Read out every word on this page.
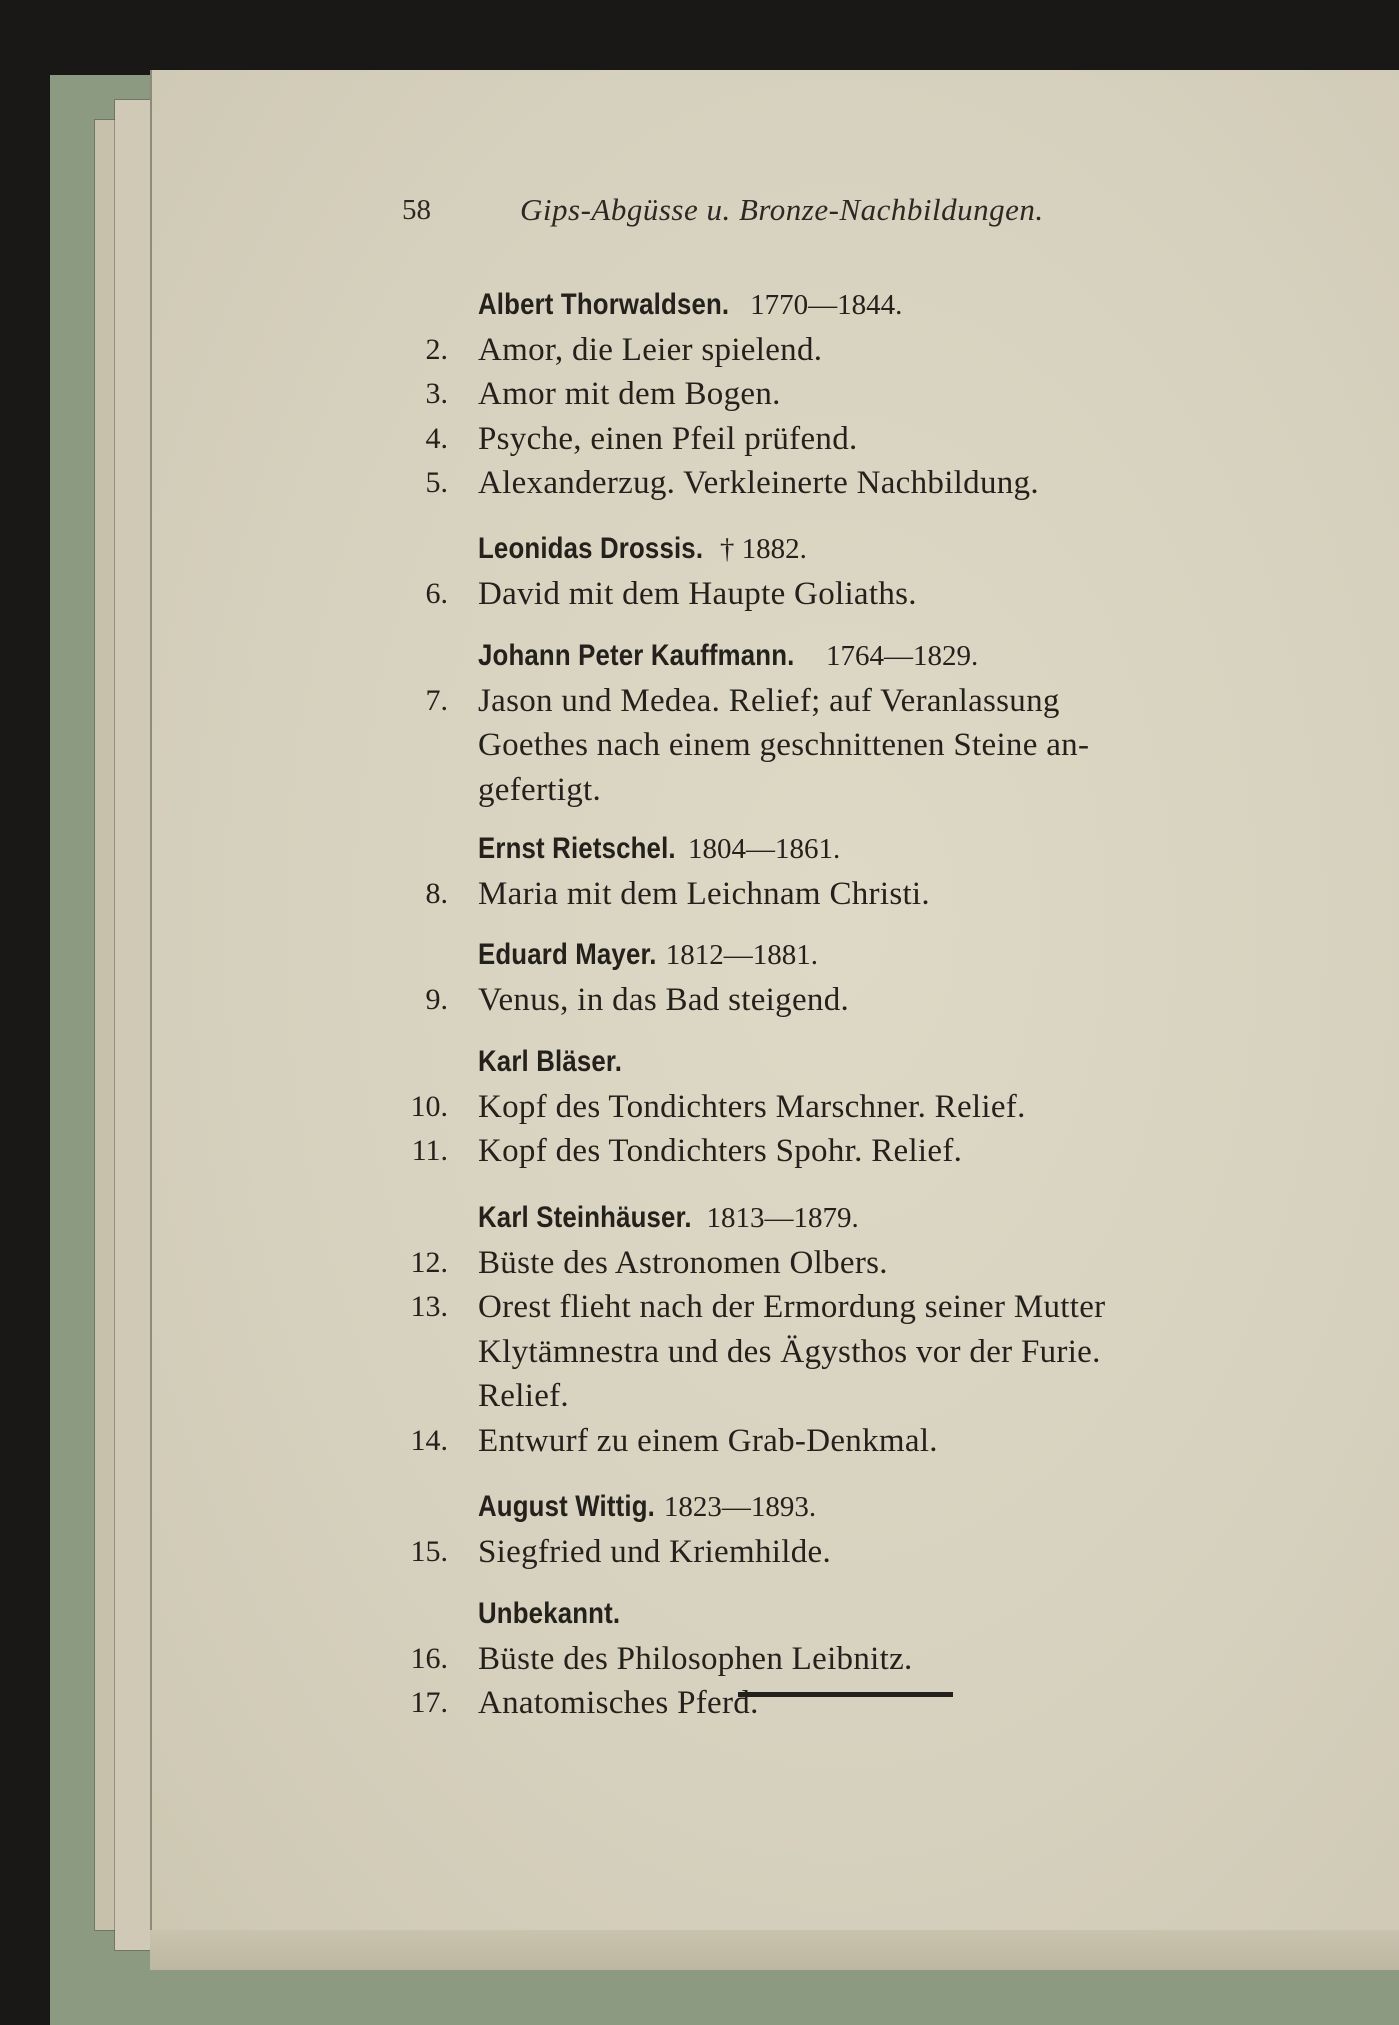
58	Gips-Abgüsse u. Bronze-Nachbildungen.
Albert Thorwaldsen. 1770—1844.
2. Amor, die Leier spielend.
3. Amor mit dem Bogen.
4. Psyche, einen Pfeil prüfend.
5. Alexanderzug. Verkleinerte Nachbildung.
Leonidas Drossis. † 1882.
6. David mit dem Haupte Goliaths.
Johann Peter Kauffmann. 1764—1829.
7. Jason und Medea. Relief; auf Veranlassung
Goethes nach einem geschnittenen Steine an-
gefertigt.
Ernst Rietschel. 1804—1861.
8. Maria mit dem Leichnam Christi.
Eduard Mayer. 1812—1881.
9. Venus, in das Bad steigend.
Karl Bläser.
10. Kopf des Tondichters Marschner. Relief.
11. Kopf des Tondichters Spohr. Relief.
Karl Steinhäuser. 1813—1879.
12. Büste des Astronomen Olbers.
13. Orest flieht nach der Ermordung seiner Mutter
Klytämnestra und des Ägysthos vor der Furie.
Relief.
14. Entwurf zu einem Grab-Denkmal.
August Wittig. 1823—1893.
15. Siegfried und Kriemhilde.
Unbekannt.
16. Büste des Philosophen Leibnitz.
17. Anatomisches Pferd.
